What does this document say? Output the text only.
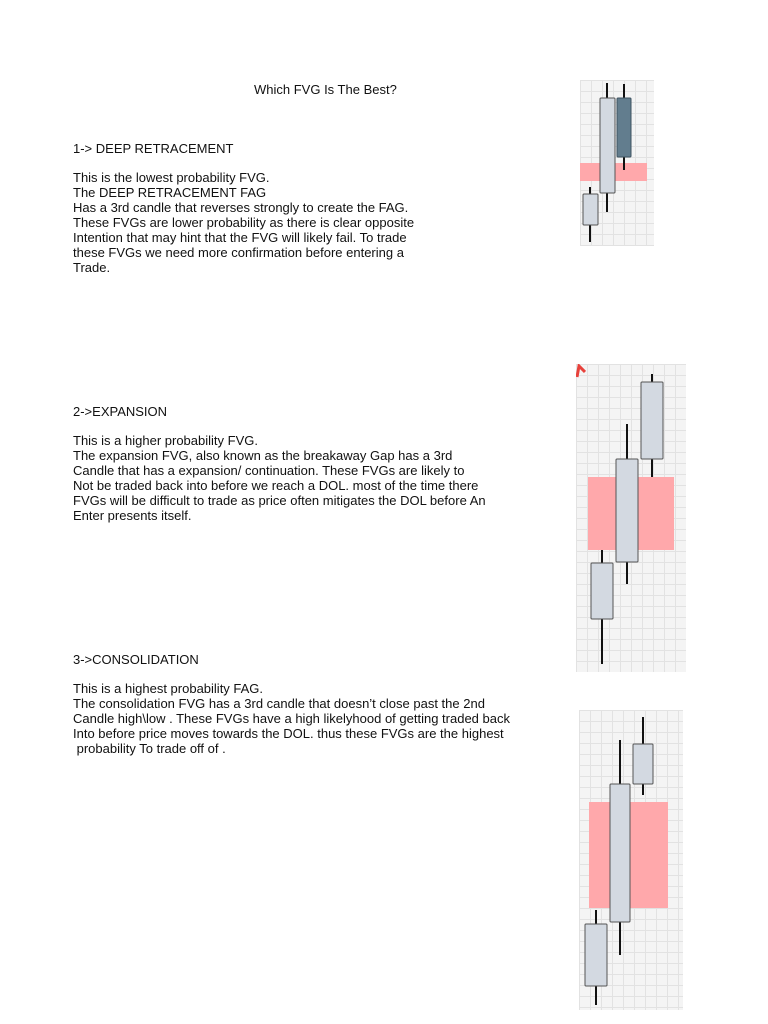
Which FVG Is The Best?
1-> DEEP RETRACEMENT
This is the lowest probability FVG.
The DEEP RETRACEMENT FAG
Has a 3rd candle that reverses strongly to create the FAG.
These FVGs are lower probability as there is clear opposite
Intention that may hint that the FVG will likely fail. To trade
these FVGs we need more confirmation before entering a
Trade.
2->EXPANSION
This is a higher probability FVG.
The expansion FVG, also known as the breakaway Gap has a 3rd
Candle that has a expansion/ continuation. These FVGs are likely to
Not be traded back into before we reach a DOL. most of the time there
FVGs will be difficult to trade as price often mitigates the DOL before An
Enter presents itself.
3->CONSOLIDATION
This is a highest probability FAG.
The consolidation FVG has a 3rd candle that doesn’t close past the 2nd
Candle high\low . These FVGs have a high likelyhood of getting traded back
Into before price moves towards the DOL. thus these FVGs are the highest
probability To trade off of .
